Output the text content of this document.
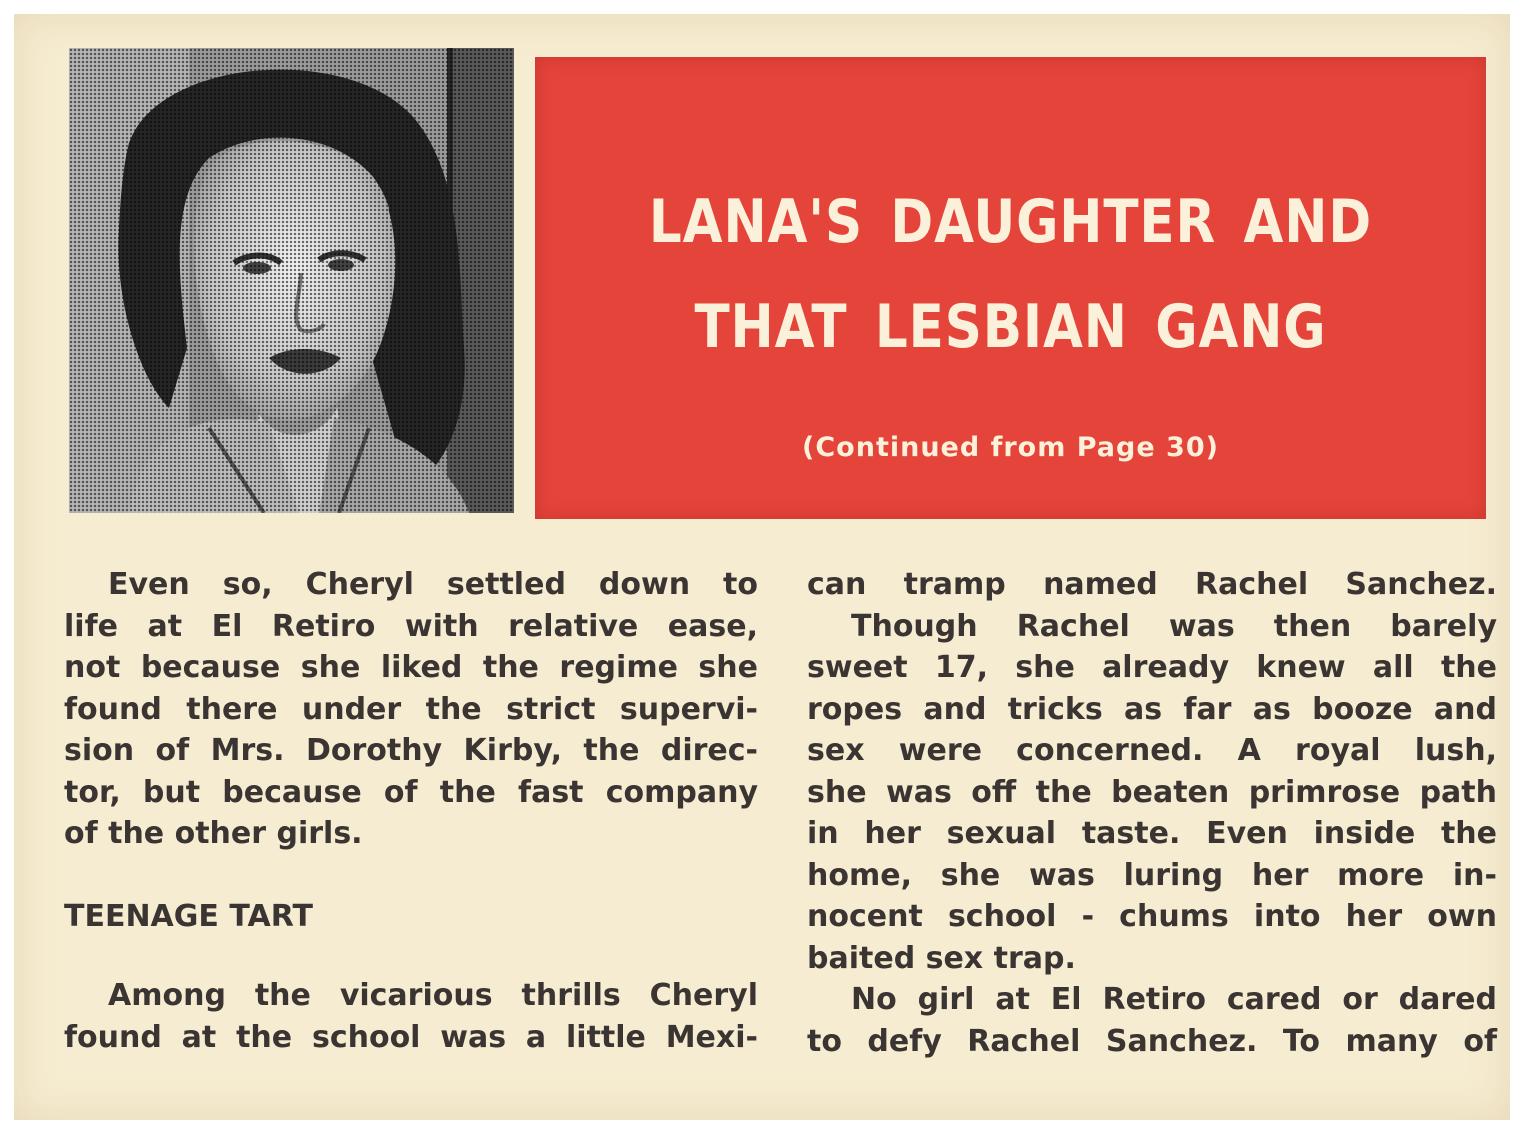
LANA'S DAUGHTER AND
THAT LESBIAN GANG
(Continued from Page 30)

Even so, Cheryl settled down to

life at El Retiro with relative ease,

not because she liked the regime she

found there under the strict supervi-

sion of Mrs. Dorothy Kirby, the direc-

tor, but because of the fast company

of the other girls.

TEENAGE TART

Among the vicarious thrills Cheryl

found at the school was a little Mexi-

can tramp named Rachel Sanchez.

Though Rachel was then barely

sweet 17, she already knew all the

ropes and tricks as far as booze and

sex were concerned. A royal lush,

she was off the beaten primrose path

in her sexual taste. Even inside the

home, she was luring her more in-

nocent school - chums into her own

baited sex trap.

No girl at El Retiro cared or dared

to defy Rachel Sanchez. To many of
